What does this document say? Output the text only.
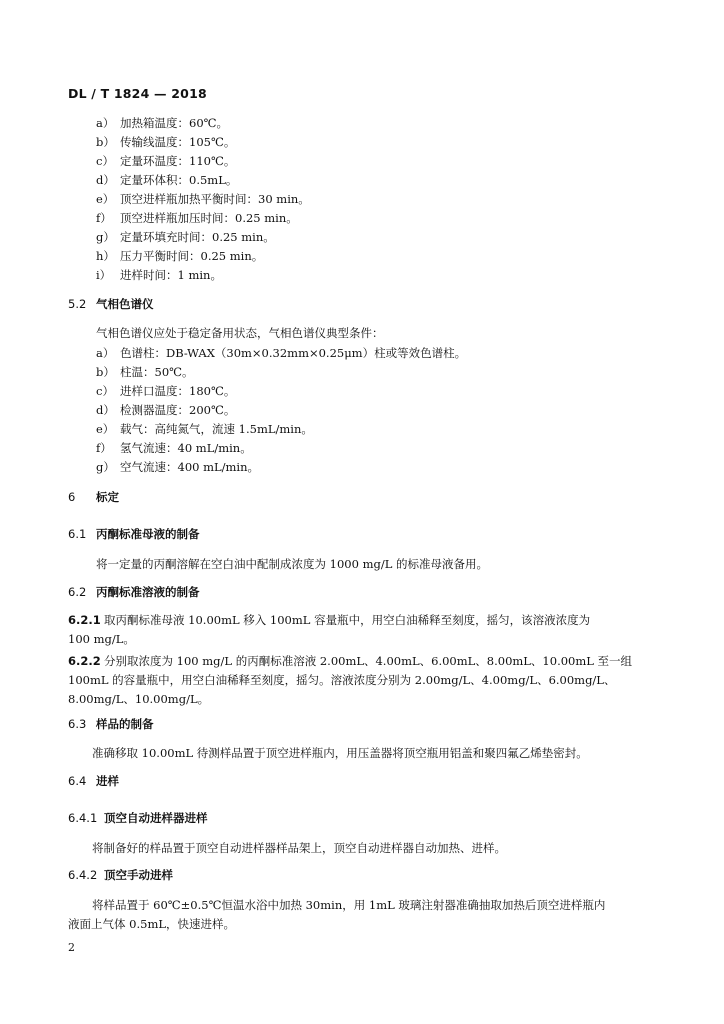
DL / T 1824 — 2018
a） 加热箱温度：60℃。
b） 传输线温度：105℃。
c） 定量环温度：110℃。
d） 定量环体积：0.5mL。
e） 顶空进样瓶加热平衡时间：30 min。
f） 顶空进样瓶加压时间：0.25 min。
g） 定量环填充时间：0.25 min。
h） 压力平衡时间：0.25 min。
i） 进样时间：1 min。
5.2 气相色谱仪
气相色谱仪应处于稳定备用状态，气相色谱仪典型条件：
a） 色谱柱：DB-WAX（30m×0.32mm×0.25μm）柱或等效色谱柱。
b） 柱温：50℃。
c） 进样口温度：180℃。
d） 检测器温度：200℃。
e） 载气：高纯氮气，流速 1.5mL/min。
f） 氢气流速：40 mL/min。
g） 空气流速：400 mL/min。
6 标定
6.1 丙酮标准母液的制备
将一定量的丙酮溶解在空白油中配制成浓度为 1000 mg/L 的标准母液备用。
6.2 丙酮标准溶液的制备
6.2.1 取丙酮标准母液 10.00mL 移入 100mL 容量瓶中，用空白油稀释至刻度，摇匀，该溶液浓度为
100 mg/L。
6.2.2 分别取浓度为 100 mg/L 的丙酮标准溶液 2.00mL、4.00mL、6.00mL、8.00mL、10.00mL 至一组
100mL 的容量瓶中，用空白油稀释至刻度，摇匀。溶液浓度分别为 2.00mg/L、4.00mg/L、6.00mg/L、
8.00mg/L、10.00mg/L。
6.3 样品的制备
准确移取 10.00mL 待测样品置于顶空进样瓶内，用压盖器将顶空瓶用铝盖和聚四氟乙烯垫密封。
6.4 进样
6.4.1 顶空自动进样器进样
将制备好的样品置于顶空自动进样器样品架上，顶空自动进样器自动加热、进样。
6.4.2 顶空手动进样
将样品置于 60℃±0.5℃恒温水浴中加热 30min，用 1mL 玻璃注射器准确抽取加热后顶空进样瓶内
液面上气体 0.5mL，快速进样。
2
